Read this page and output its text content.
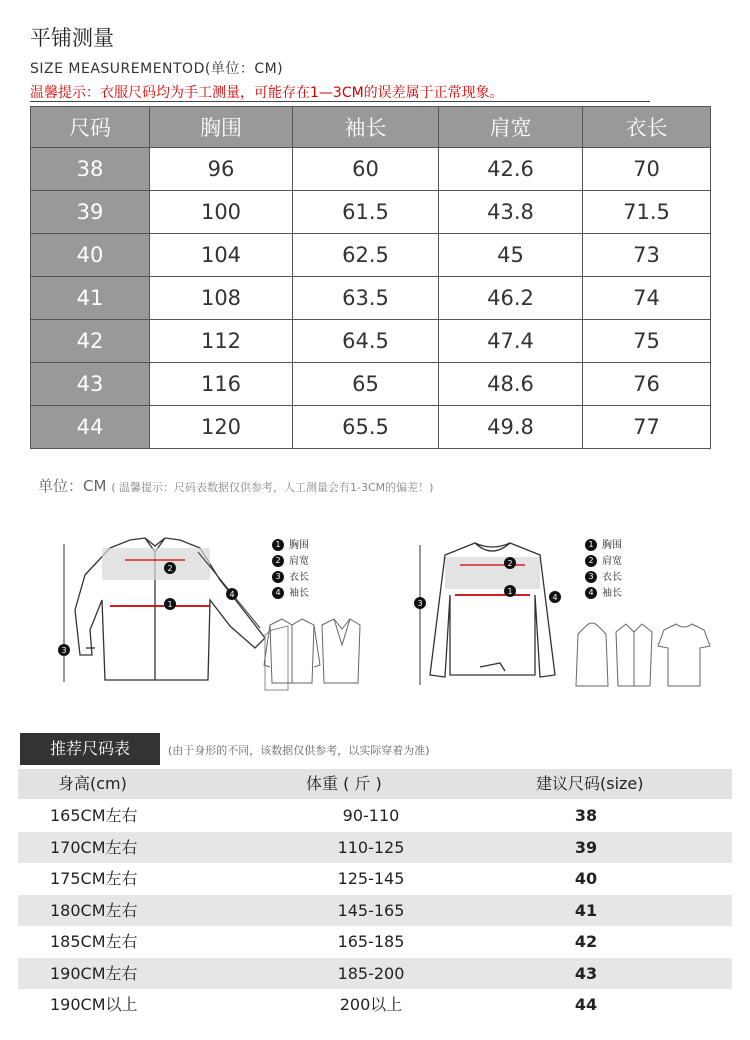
平铺测量
SIZE MEASUREMENTOD(单位：CM)
温馨提示：衣服尺码均为手工测量，可能存在1—3CM的误差属于正常现象。
尺码	胸围	袖长	肩宽	衣长
38	96	60	42.6	70
39	100	61.5	43.8	71.5
40	104	62.5	45	73
41	108	63.5	46.2	74
42	112	64.5	47.4	75
43	116	65	48.6	76
44	120	65.5	49.8	77
单位：CM ( 温馨提示：尺码表数据仅供参考，人工测量会有1-3CM的偏差！)
1
2
3
4
1 胸围
2 肩宽
3 衣长
4 袖长	1
2
3
4
1 胸围
2 肩宽
3 衣长
4 袖长
推荐尺码表	(由于身形的不同，该数据仅供参考，以实际穿着为准)
身高(cm)	体重 ( 斤 )	建议尺码(size)
165CM左右	90-110	38
170CM左右	110-125	39
175CM左右	125-145	40
180CM左右	145-165	41
185CM左右	165-185	42
190CM左右	185-200	43
190CM以上	200以上	44
